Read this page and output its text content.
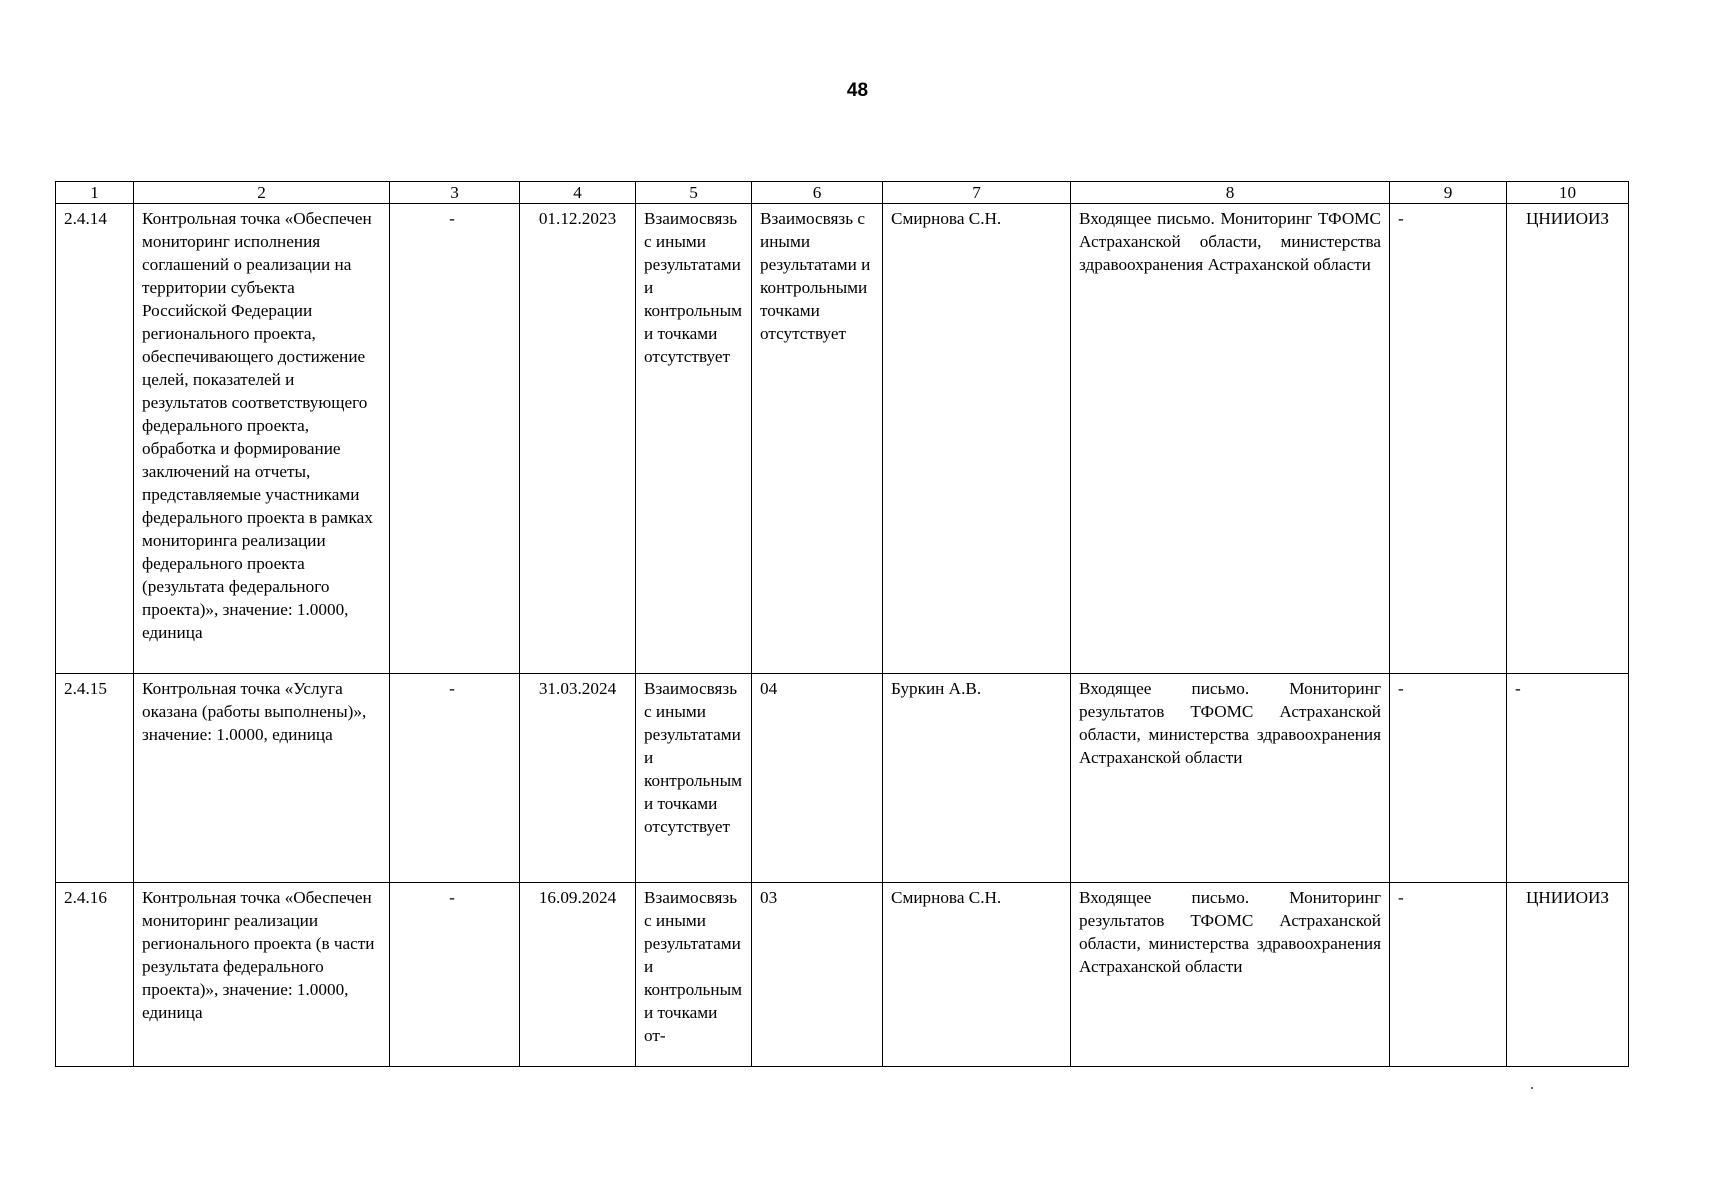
48
1	2	3	4	5	6	7	8	9	10
2.4.14	Контрольная точка «Обеспечен мониторинг исполнения соглашений о реализации на территории субъекта Российской Федерации регионального проекта, обеспечивающего достижение целей, показателей и результатов соответствующего федерального проекта, обработка и формирование заключений на отчеты, представляемые участниками федерального проекта в рамках мониторинга реализации федерального проекта (результата федерального проекта)», значение: 1.0000, единица	-	01.12.2023	Взаимосвязь с иными результатами и контрольными точками отсутствует	Взаимосвязь с иными результатами и контрольными точками отсутствует	Смирнова С.Н.	Входящее письмо. Мониторинг ТФОМС Астраханской области, министерства здравоохранения Астраханской области	-	ЦНИИОИЗ
2.4.15	Контрольная точка «Услуга оказана (работы выполнены)», значение: 1.0000, единица	-	31.03.2024	Взаимосвязь с иными результатами и контрольными точками отсутствует	04	Буркин А.В.	Входящее письмо. Мониторинг результатов ТФОМС Астраханской области, министерства здравоохранения Астраханской области	-	-
2.4.16	Контрольная точка «Обеспечен мониторинг реализации регионального проекта (в части результата федерального проекта)», значение: 1.0000, единица	-	16.09.2024	Взаимосвязь с иными результатами и контрольными точками от-	03	Смирнова С.Н.	Входящее письмо. Мониторинг результатов ТФОМС Астраханской области, министерства здравоохранения Астраханской области	-	ЦНИИОИЗ
